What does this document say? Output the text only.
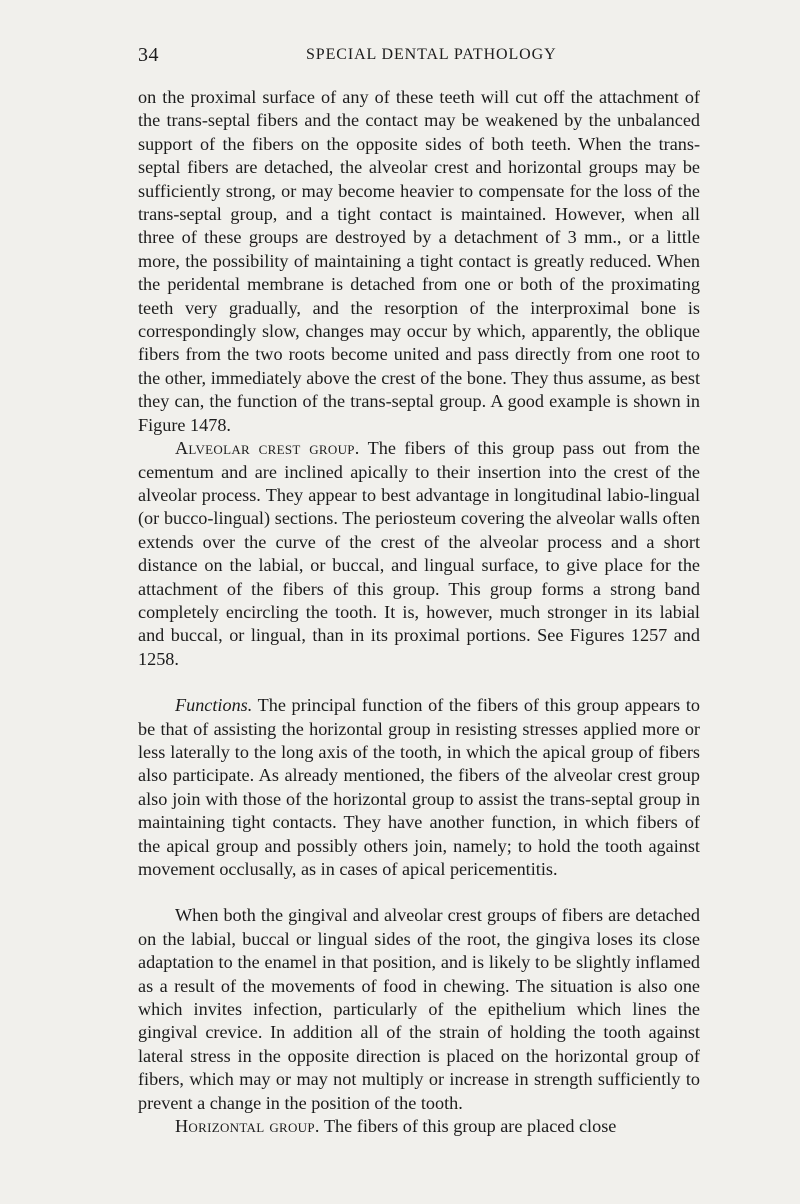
34	SPECIAL DENTAL PATHOLOGY

on the proximal surface of any of these teeth will cut off the attachment of the trans-septal fibers and the contact may be weakened by the unbalanced support of the fibers on the opposite sides of both teeth. When the trans-septal fibers are detached, the alveolar crest and horizontal groups may be sufficiently strong, or may become heavier to compensate for the loss of the trans-septal group, and a tight contact is maintained. However, when all three of these groups are destroyed by a detachment of 3 mm., or a little more, the possibility of maintaining a tight contact is greatly reduced. When the peridental membrane is detached from one or both of the proximating teeth very gradually, and the resorption of the interproximal bone is correspondingly slow, changes may occur by which, apparently, the oblique fibers from the two roots become united and pass directly from one root to the other, immediately above the crest of the bone. They thus assume, as best they can, the function of the trans-septal group. A good example is shown in Figure 1478.

Alveolar crest group. The fibers of this group pass out from the cementum and are inclined apically to their insertion into the crest of the alveolar process. They appear to best advantage in longitudinal labio-lingual (or bucco-lingual) sections. The periosteum covering the alveolar walls often extends over the curve of the crest of the alveolar process and a short distance on the labial, or buccal, and lingual surface, to give place for the attachment of the fibers of this group. This group forms a strong band completely encircling the tooth. It is, however, much stronger in its labial and buccal, or lingual, than in its proximal portions. See Figures 1257 and 1258.

Functions. The principal function of the fibers of this group appears to be that of assisting the horizontal group in resisting stresses applied more or less laterally to the long axis of the tooth, in which the apical group of fibers also participate. As already mentioned, the fibers of the alveolar crest group also join with those of the horizontal group to assist the trans-septal group in maintaining tight contacts. They have another function, in which fibers of the apical group and possibly others join, namely; to hold the tooth against movement occlusally, as in cases of apical pericementitis.

When both the gingival and alveolar crest groups of fibers are detached on the labial, buccal or lingual sides of the root, the gingiva loses its close adaptation to the enamel in that position, and is likely to be slightly inflamed as a result of the movements of food in chewing. The situation is also one which invites infection, particularly of the epithelium which lines the gingival crevice. In addition all of the strain of holding the tooth against lateral stress in the opposite direction is placed on the horizontal group of fibers, which may or may not multiply or increase in strength sufficiently to prevent a change in the position of the tooth.

Horizontal group. The fibers of this group are placed close
